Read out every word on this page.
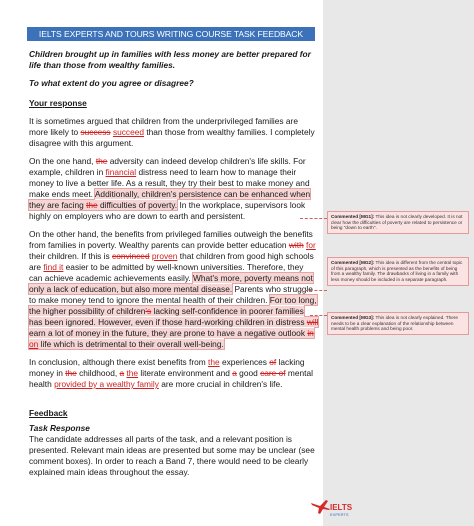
IELTS EXPERTS AND TOURS WRITING COURSE TASK FEEDBACK

Children brought up in families with less money are better prepared for life than those from wealthy families.

To what extent do you agree or disagree?

Your response

It is sometimes argued that children from the underprivileged families are more likely to success succeed than those from wealthy families. I completely disagree with this argument.

On the one hand, the adversity can indeed develop children's life skills. For example, children in financial distress need to learn how to manage their money to live a better life. As a result, they try their best to make money and make ends meet. Additionally, children's persistence can be enhanced when they are facing the difficulties of poverty. In the workplace, supervisors look highly on employers who are down to earth and persistent.

On the other hand, the benefits from privileged families outweigh the benefits from families in poverty. Wealthy parents can provide better education with for their children. If this is convinced proven that children from good high schools are find it easier to be admitted by well-known universities. Therefore, they can achieve academic achievements easily. What's more, poverty means not only a lack of education, but also more mental disease. Parents who struggle to make money tend to ignore the mental health of their children. For too long, the higher possibility of children's lacking self-confidence in poorer families has been ignored. However, even if those hard-working children in distress will earn a lot of money in the future, they are prone to have a negative outlook in on life which is detrimental to their overall well-being.

In conclusion, although there exist benefits from the experiences of lacking money in the childhood, a the literate environment and a good care of mental health provided by a wealthy family are more crucial in children's life.

Feedback

Task Response

The candidate addresses all parts of the task, and a relevant position is presented. Relevant main ideas are presented but some may be unclear (see comment boxes). In order to reach a Band 7, there would need to be clearly explained main ideas throughout the essay.

Commented [MG1]: This idea is not clearly developed. It is not clear how the difficulties of poverty are related to persistence or being "down to earth".
Commented [MG2]: This idea is different from the central topic of this paragraph, which is presented as the benefits of being from a wealthy family. The drawbacks of living in a family with less money should be included in a separate paragraph.
Commented [MG3]: This idea is not clearly explained. There needs to be a clear explanation of the relationship between mental health problems and being poor.
IELTS
EXPERTS
